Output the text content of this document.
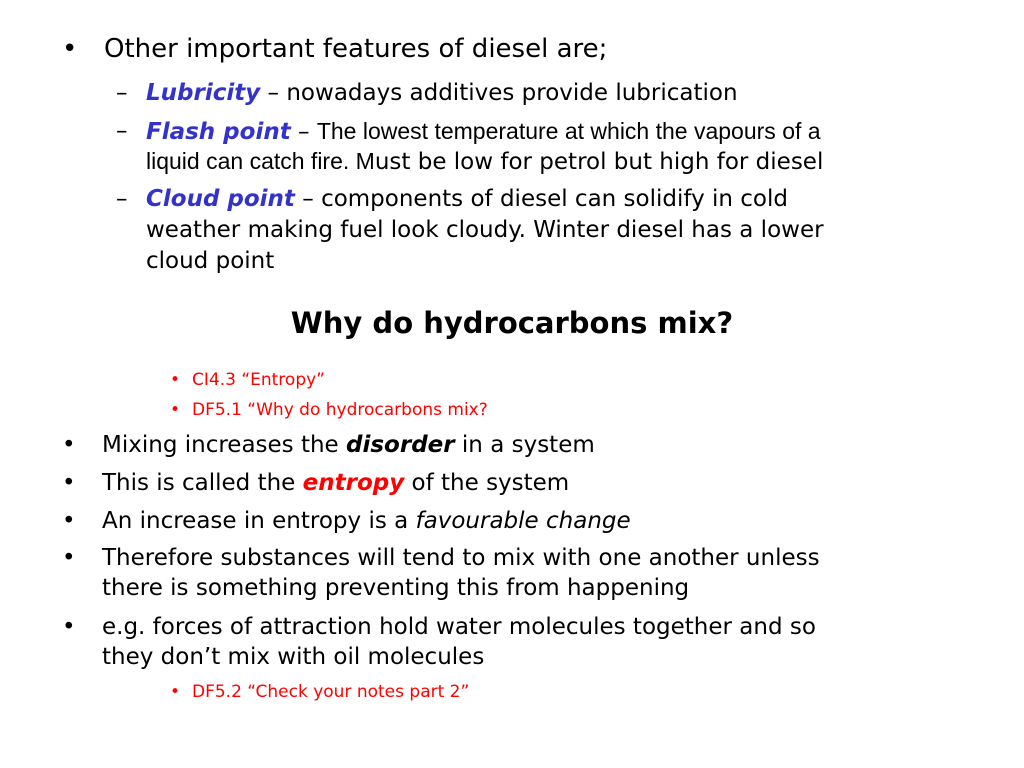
• Other important features of diesel are;
– Lubricity – nowadays additives provide lubrication
– Flash point – The lowest temperature at which the vapours of a
liquid can catch fire. Must be low for petrol but high for diesel
– Cloud point – components of diesel can solidify in cold
weather making fuel look cloudy. Winter diesel has a lower
cloud point
Why do hydrocarbons mix?
• CI4.3 “Entropy”
• DF5.1 “Why do hydrocarbons mix?
• Mixing increases the disorder in a system
• This is called the entropy of the system
• An increase in entropy is a favourable change
• Therefore substances will tend to mix with one another unless
there is something preventing this from happening
• e.g. forces of attraction hold water molecules together and so
they don’t mix with oil molecules
• DF5.2 “Check your notes part 2”
